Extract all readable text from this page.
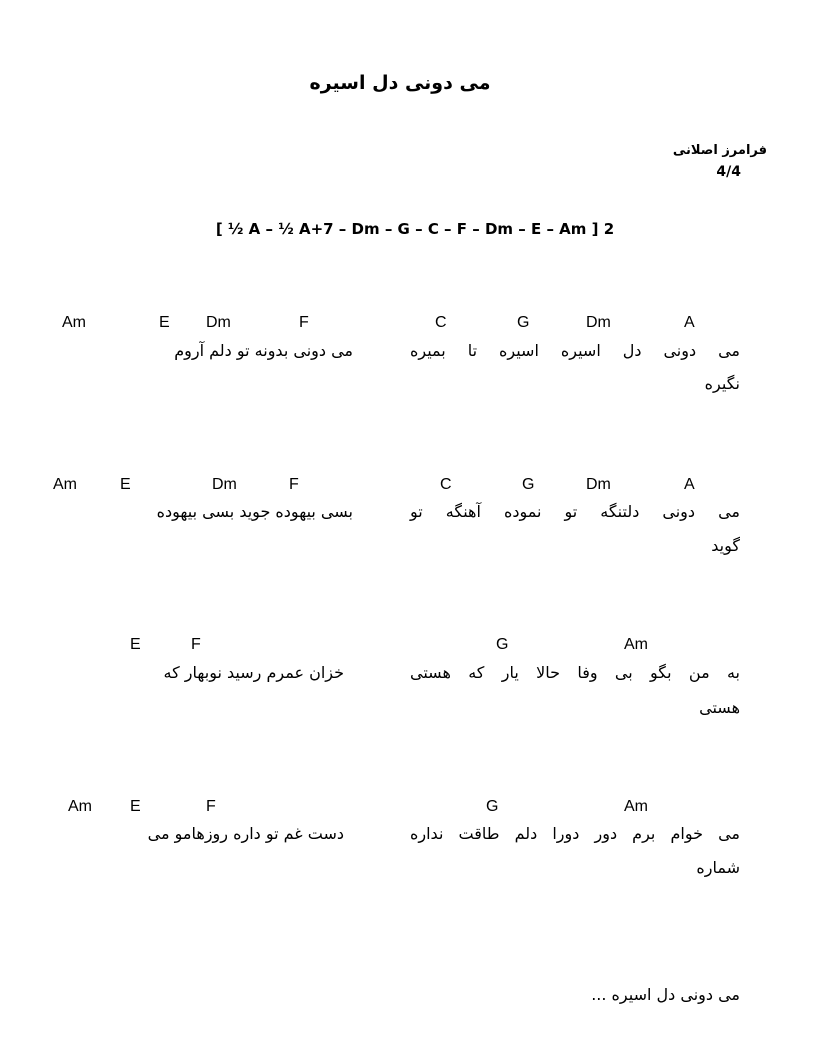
می دونی دل اسیره
فرامرز اصلانی
4/4
[ ½ A – ½ A+7 – Dm – G – C – F – Dm – E – Am ] 2
Am	E Dm	F	C	G	Dm	A
می دونی دل اسیره اسیره تا بمیره
نگیره
می دونی بدونه تو دلم آروم
Am	E	Dm	F	C	G	Dm	A
می دونی دلتنگه تو نموده آهنگه تو
گوید
بسی بیهوده جوید بسی بیهوده
E	F	G	Am
به من بگو بی وفا حالا یار که هستی
هستی
خزان عمرم رسید نوبهار که
Am E	F	G	Am
می خوام برم دور دورا دلم طاقت نداره
شماره
دست غم تو داره روزهامو می
می دونی دل اسیره ...
